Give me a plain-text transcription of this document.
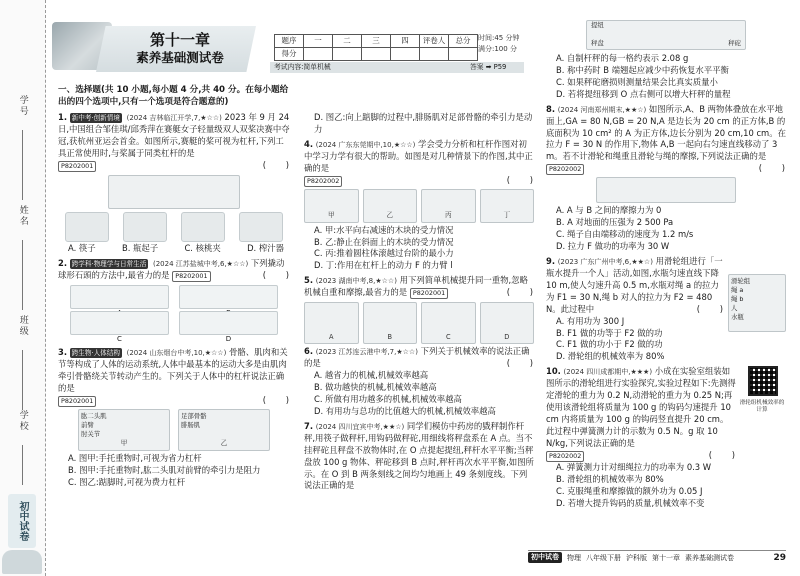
学号
姓名
班级
学校
初中试卷
第十一章
素养基础测试卷
题序	一	二	三	四	评卷人	总分
得分						
时间:45 分钟
满分:100 分
考试内容:简单机械	答案 ➡ P59
一、选择题(共 10 小题,每小题 4 分,共 40 分。在每小题给出的四个选项中,只有一个选项是符合题意的)
1. 新中考·创新情境 (2024 吉林临江开学,7,★☆☆) 2023 年 9 月 24 日,中国组合邹佳琪/邱秀萍在赛艇女子轻量级双人双桨决赛中夺冠,获杭州亚运会首金。如图所示,赛艇的桨可视为杠杆,下列工具正常使用时,与桨属于同类杠杆的是
P8202001	(　　)
A. 筷子	B. 瓶起子	C. 核桃夹	D. 榨汁器
2. 跨学科·物理学与日常生活 (2024 江苏盐城中考,6,★☆☆) 下列撬动球形石頭的方法中,最省力的是 P8202001	(　　)
C	D
3. 跨生物·人体结构 (2024 山东烟台中考,10,★☆☆) 骨骼、肌肉和关节等构成了人体的运动系统,人体中最基本的运动大多是由肌肉牵引骨骼绕关节转动产生的。下列关于人体中的杠杆说法正确的是
P8202001	(　　)
肱二头肌
前臂
肘关节
甲
足部骨骼
腓肠肌
乙
A. 图甲:手托重物时,可视为省力杠杆
B. 图甲:手托重物时,肱二头肌对前臂的牵引力是阻力
C. 图乙:踮脚时,可视为费力杠杆
D. 图乙:向上踮脚的过程中,腓肠肌对足部骨骼的牵引力是动力
4. (2024 广东东莞期中,10,★☆☆) 学会受力分析和杠杆作图对初中学习力学有很大的帮助。如图是对几种情景下的作图,其中正确的是
P8202002	(　　)
甲	乙	丙	丁
A. 甲:水平向右减速的木块的受力情况
B. 乙:静止在斜面上的木块的受力情况
C. 丙:推着圆柱体滚越过台阶的最小力
D. 丁:作用在杠杆上的动力 F 的力臂 l
5. (2023 湖南中考,8,★☆☆) 用下列简单机械提升同一重物,忽略机械自重和摩擦,最省力的是 P8202001	(　　)
A	B	C	D
6. (2023 江苏连云港中考,7,★☆☆) 下列关于机械效率的说法正确的是	(　　)
A. 越省力的机械,机械效率越高
B. 做功越快的机械,机械效率越高
C. 所做有用功越多的机械,机械效率越高
D. 有用功与总功的比值越大的机械,机械效率越高
7. (2024 四川宜宾中考,★★☆) 同学们模仿中药房的戥秤制作杆秤,用筷子做秤杆,用钩码做秤砣,用细线将秤盘系在 A 点。当不挂秤砣且秤盘不放物体时,在 O 点提起提纽,秤杆水平平衡;当秤盘放 100 g 物体、秤砣移到 B 点时,秤杆再次水平平衡,如图所示。在 O 到 B 两条刻线之间均匀地画上 49 条刻度线。下列说法正确的是
提纽
秤盘	秤砣
A. 自制杆秤的每一格约表示 2.08 g
B. 称中药时 B 端翘起应减少中药恢复水平平衡
C. 如果秤砣磨损则测量结果会比真实质量小
D. 若将提纽移到 O 点右侧可以增大杆秤的量程
8. (2024 河南郑州期末,★★☆) 如图所示,A、B 两物体叠放在水平地面上,GA = 80 N,GB = 20 N,A 是边长为 20 cm 的正方体,B 的底面积为 10 cm² 的 A 为正方体,边长分别为 20 cm,10 cm。在拉力 F = 30 N 的作用下,物体 A,B 一起向右匀速直线移动了 3 m。若不计滑轮和绳重且滑轮与绳的摩擦,下列说法正确的是 P8202002	(　　)
A. A 与 B 之间的摩擦力为 0
B. A 对地面的压强为 2 500 Pa
C. 绳子自由端移动的速度为 1.2 m/s
D. 拉力 F 做功的功率为 30 W
9. (2023 广东广州中考,6,★★☆) 用滑轮组进行「一瓶水提升一个人」活动,如图,水瓶匀速直线下降 10 m,使人匀速升高 0.5 m,水瓶对绳 a 的拉力为 F1 = 30 N,绳 b 对人的拉力为 F2 = 480 N。此过程中	(　　)
滑轮组
绳 a
绳 b
人
水瓶
A. 有用功为 300 J
B. F1 做的功等于 F2 做的功
C. F1 做的功小于 F2 做的功
D. 滑轮组的机械效率为 80%
滑轮组机械效率的计算
10. (2024 四川成都期中,★★★) 小成在实验室组装如图所示的滑轮组进行实验探究,实验过程如下:先测得定滑轮的重力为 0.2 N,动滑轮的重力为 0.25 N;再使用该滑轮组将质量为 100 g 的钩码匀速提升 10 cm 内将质量为 100 g 的钩码竖直提升 20 cm。此过程中弹簧测力计的示数为 0.5 N。g 取 10 N/kg,下列说法正确的是
P8202002	(　　)
A. 弹簧测力计对细绳拉力的功率为 0.3 W
B. 滑轮组的机械效率为 80%
C. 克服绳重和摩擦做的额外功为 0.05 J
D. 若增大提升钩码的质量,机械效率不变
初中试卷	物理 八年级下册 沪科版 第十一章 素养基础测试卷	29
